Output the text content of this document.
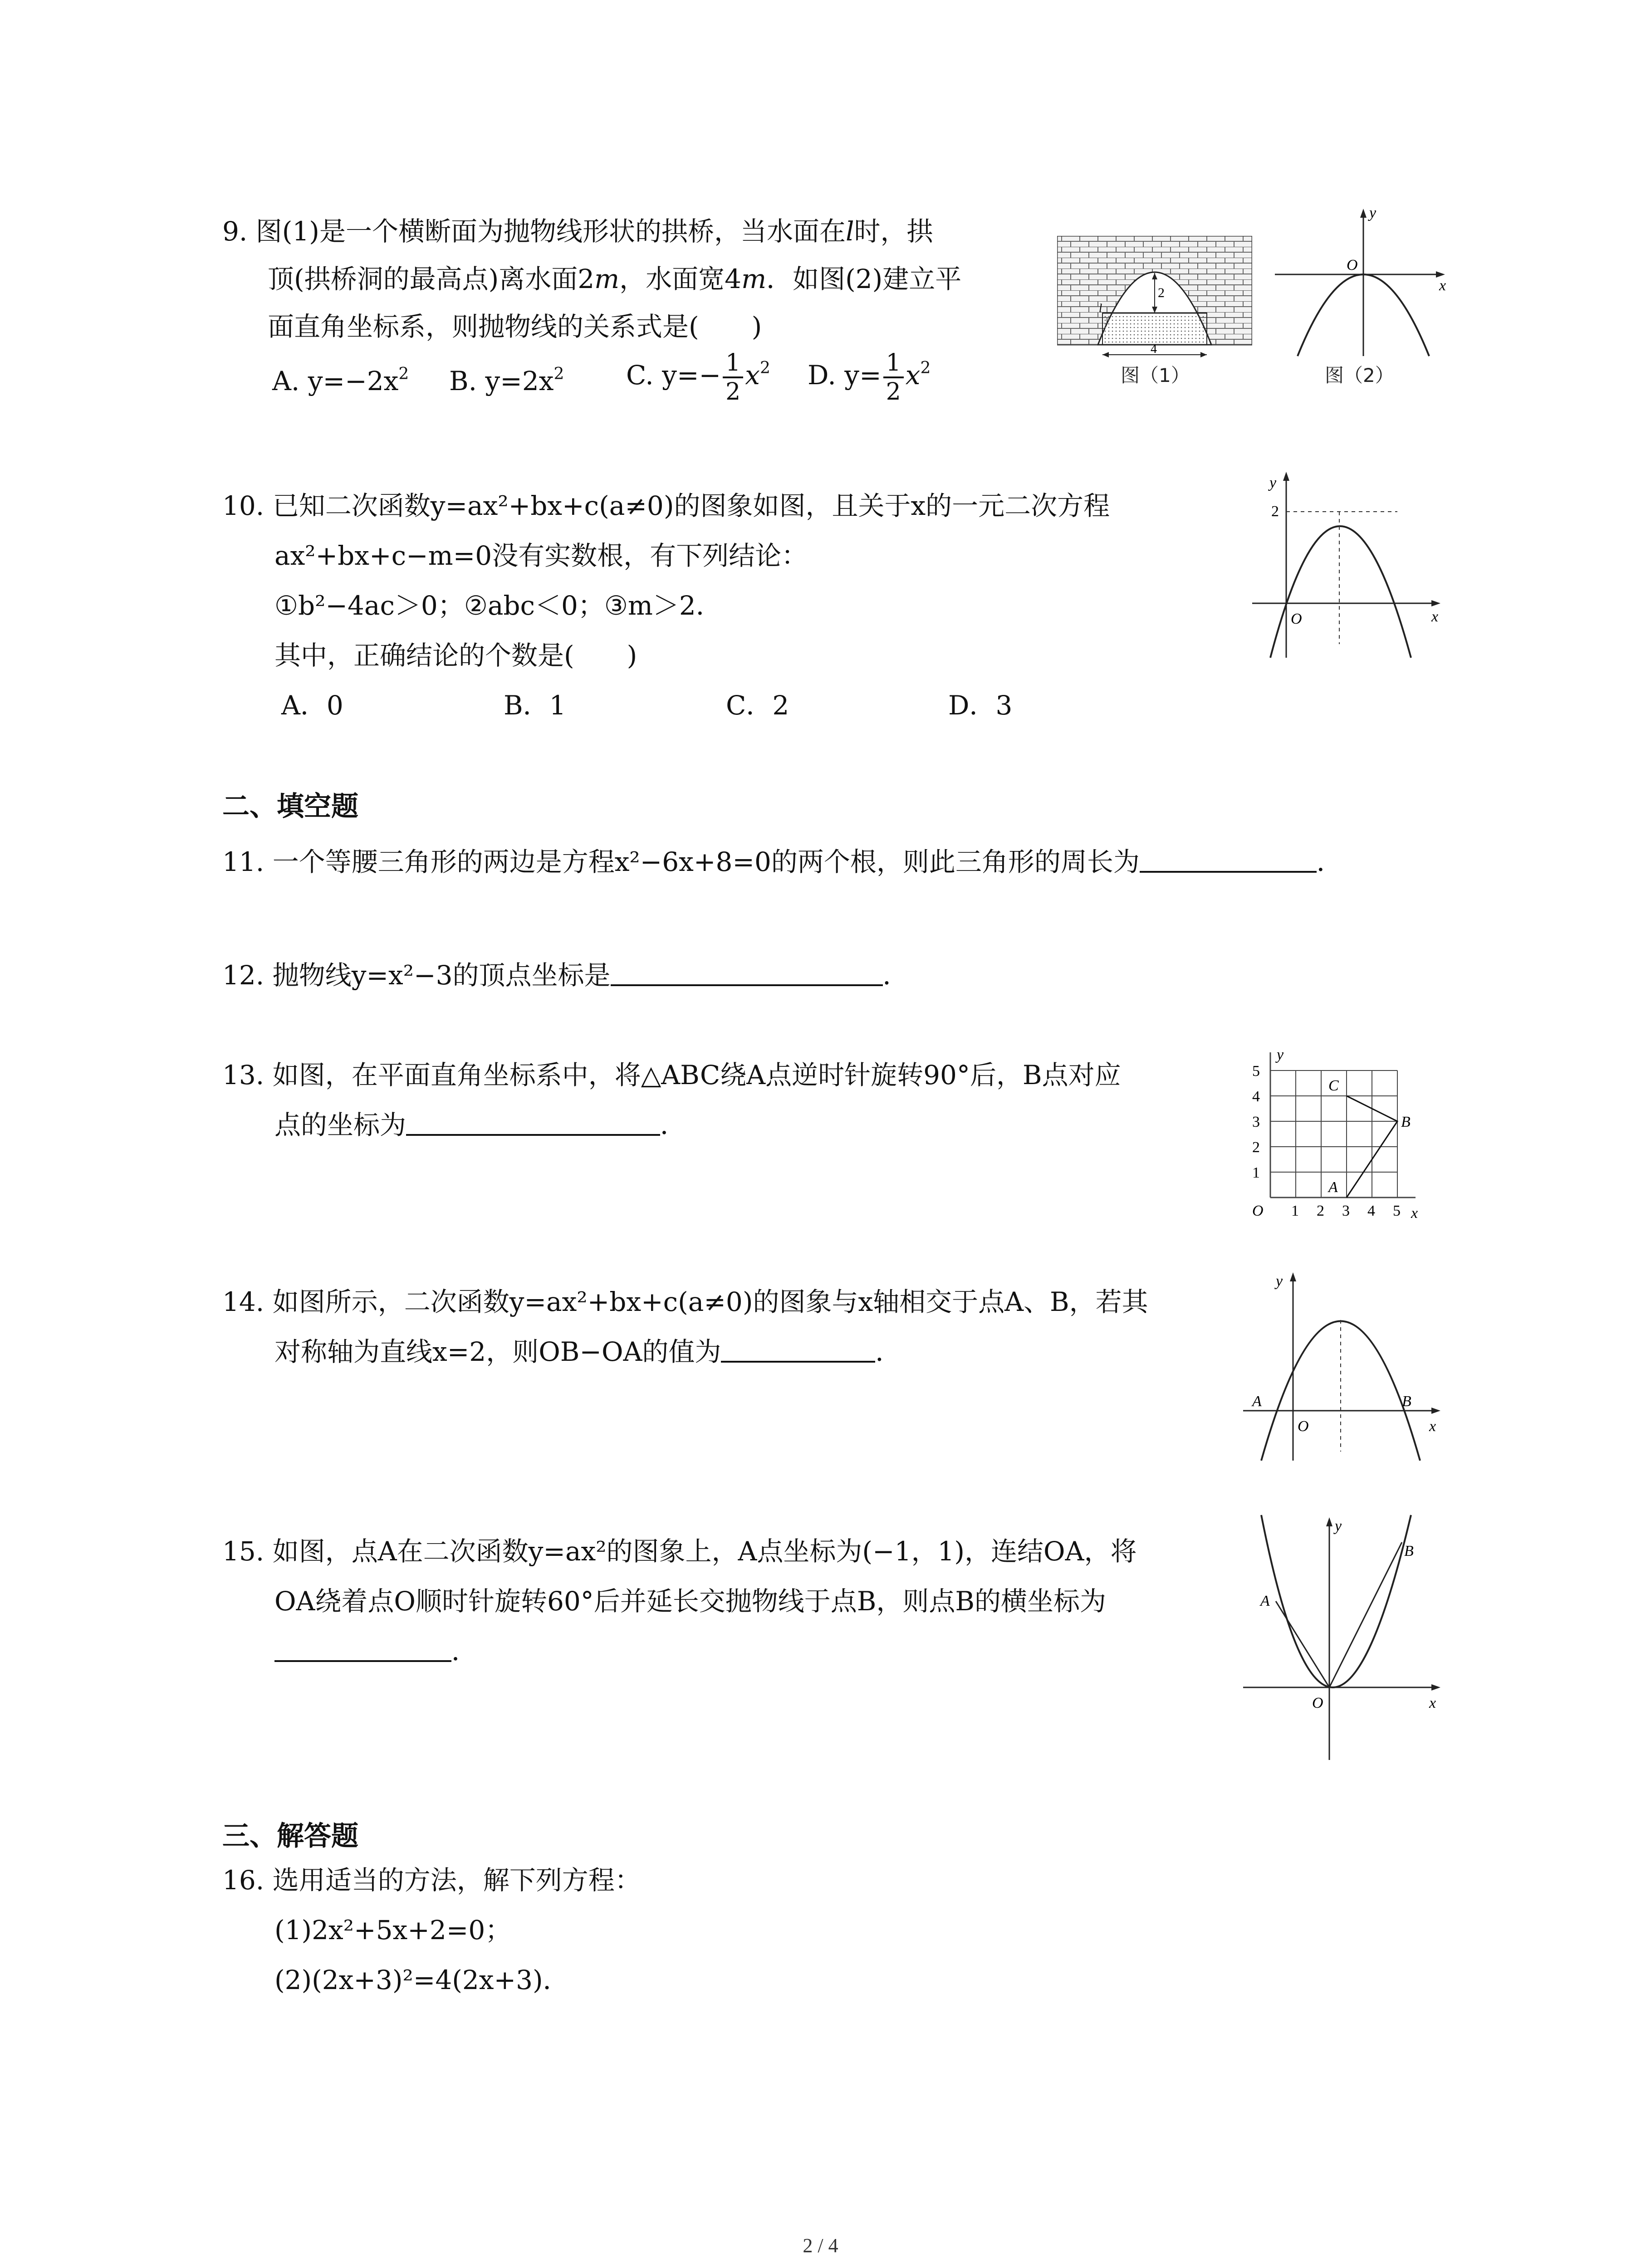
9. 图(1)是一个横断面为抛物线形状的拱桥，当水面在l时，拱
顶(拱桥洞的最高点)离水面2m，水面宽4m．如图(2)建立平
面直角坐标系，则抛物线的关系式是(　　)
A. $y=-2x^2$ B. $y=2x^2$ C. $y=- \frac{1}{2} x^2$ D. $y= \frac{1}{2} x^2$
2
l
4
图（1）
y
x
O
图（2）
10. 已知二次函数y=ax²+bx+c(a≠0)的图象如图，且关于x的一元二次方程
ax²+bx+c−m=0没有实数根，有下列结论：
①b²−4ac＞0；②abc＜0；③m＞2．
其中，正确结论的个数是(　　)
A．0	B．1	C．2	D．3
y
x
O
2
二、填空题
11. 一个等腰三角形的两边是方程x²−6x+8=0的两个根，则此三角形的周长为	．
12. 抛物线y=x²−3的顶点坐标是	．
13. 如图，在平面直角坐标系中，将△ABC绕A点逆时针旋转90°后，B点对应
点的坐标为	．
5
4
3
2
1
1 2 3 4 5
O	x
y
A
B
C
14. 如图所示，二次函数y=ax²+bx+c(a≠0)的图象与x轴相交于点A、B，若其
对称轴为直线x=2，则OB−OA的值为	．
y
x
O
A	B
15. 如图，点A在二次函数y=ax²的图象上，A点坐标为(−1，1)，连结OA，将
OA绕着点O顺时针旋转60°后并延长交抛物线于点B，则点B的横坐标为
．
y
x
O
A
B
三、解答题
16. 选用适当的方法，解下列方程：
(1)2x²+5x+2=0；
(2)(2x+3)²=4(2x+3)．
2 / 4
